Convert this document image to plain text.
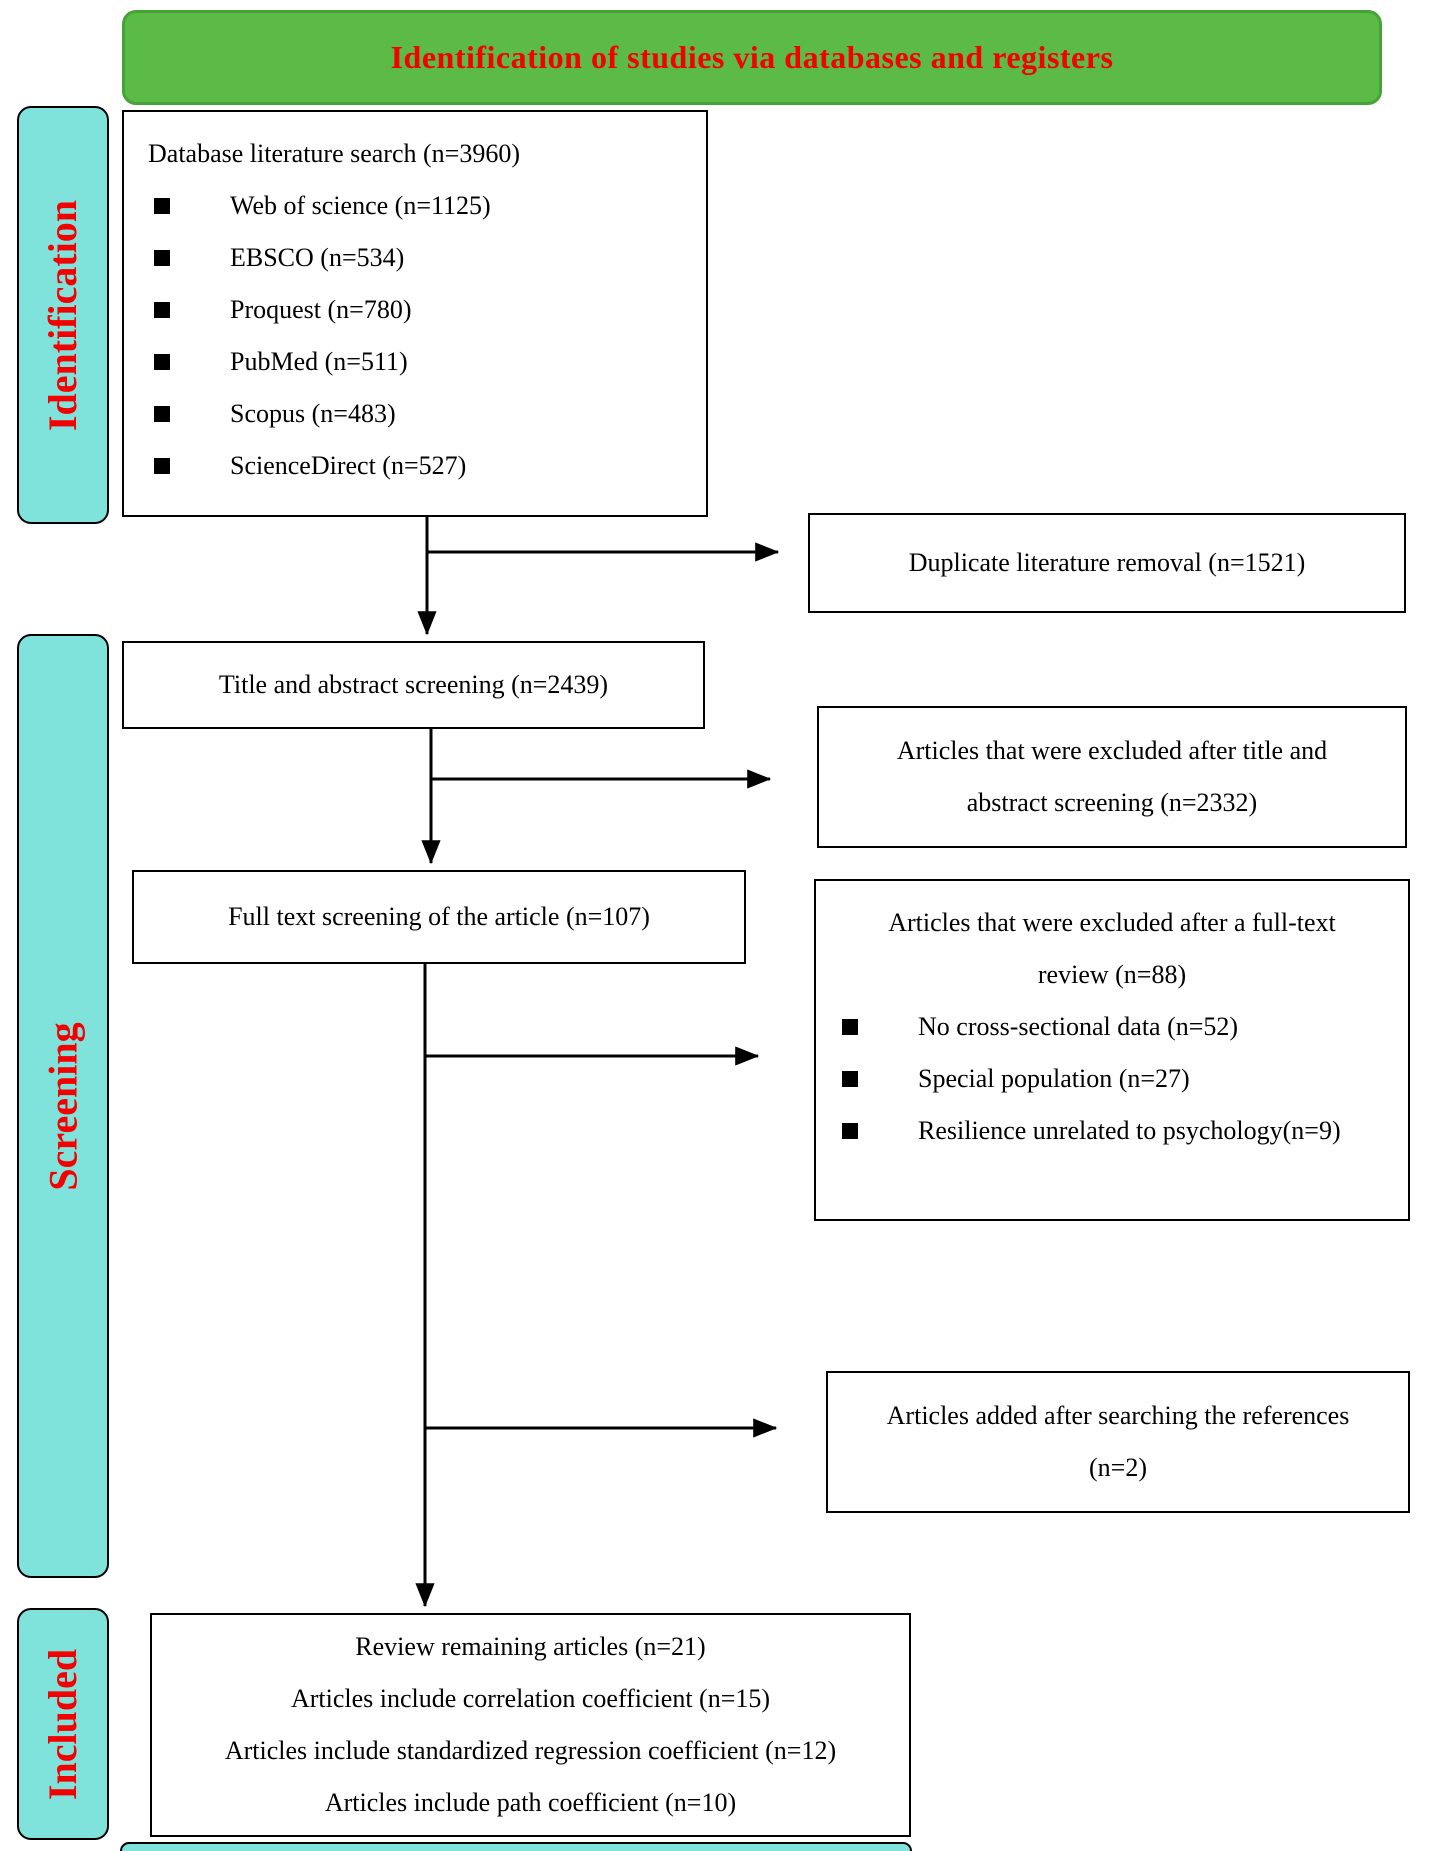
Identification of studies via databases and registers
Identification
Screening
Included
Database literature search (n=3960)
Web of science (n=1125)
EBSCO (n=534)
Proquest (n=780)
PubMed (n=511)
Scopus (n=483)
ScienceDirect (n=527)
Duplicate literature removal (n=1521)
Title and abstract screening (n=2439)
Articles that were excluded after title and
abstract screening (n=2332)
Full text screening of the article (n=107)	Articles that were excluded after a full-text
review (n=88)
No cross-sectional data (n=52)
Special population (n=27)
Resilience unrelated to psychology(n=9)
Articles added after searching the references
(n=2)
Review remaining articles (n=21)
Articles include correlation coefficient (n=15)
Articles include standardized regression coefficient (n=12)
Articles include path coefficient (n=10)
